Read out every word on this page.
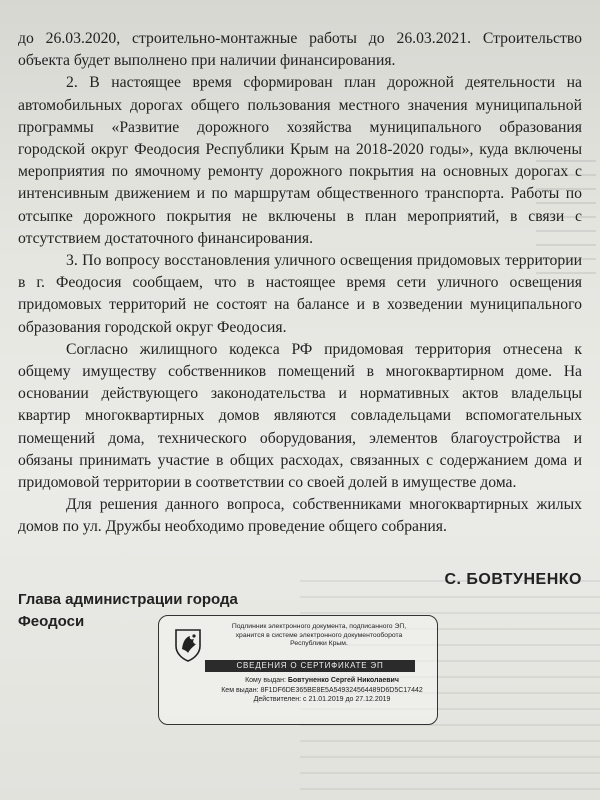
до 26.03.2020, строительно-монтажные работы до 26.03.2021. Строительство объекта будет выполнено при наличии финансирования.

2. В настоящее время сформирован план дорожной деятельности на автомобильных дорогах общего пользования местного значения муниципальной программы «Развитие дорожного хозяйства муниципального образования городской округ Феодосия Республики Крым на 2018-2020 годы», куда включены мероприятия по ямочному ремонту дорожного покрытия на основных дорогах с интенсивным движением и по маршрутам общественного транспорта. Работы по отсыпке дорожного покрытия не включены в план мероприятий, в связи с отсутствием достаточного финансирования.

3. По вопросу восстановления уличного освещения придомовых территории в г. Феодосия сообщаем, что в настоящее время сети уличного освещения придомовых территорий не состоят на балансе и в хозведении муниципального образования городской округ Феодосия.

Согласно жилищного кодекса РФ придомовая территория отнесена к общему имуществу собственников помещений в многоквартирном доме. На основании действующего законодательства и нормативных актов владельцы квартир многоквартирных домов являются совладельцами вспомогательных помещений дома, технического оборудования, элементов благоустройства и обязаны принимать участие в общих расходах, связанных с содержанием дома и придомовой территории в соответствии со своей долей в имуществе дома.

Для решения данного вопроса, собственниками многоквартирных жилых домов по ул. Дружбы необходимо проведение общего собрания.

Глава администрации города
Феодоси
С. БОВТУНЕНКО
Подлинник электронного документа, подписанного ЭП,
хранится в системе электронного документооборота
Республики Крым.
СВЕДЕНИЯ О СЕРТИФИКАТЕ ЭП
Кому выдан: Бовтуненко Сергей Николаевич
Кем выдан: 8F1DF6DE365BE8E5A549324564489D6D5C17442
Действителен: с 21.01.2019 до 27.12.2019
